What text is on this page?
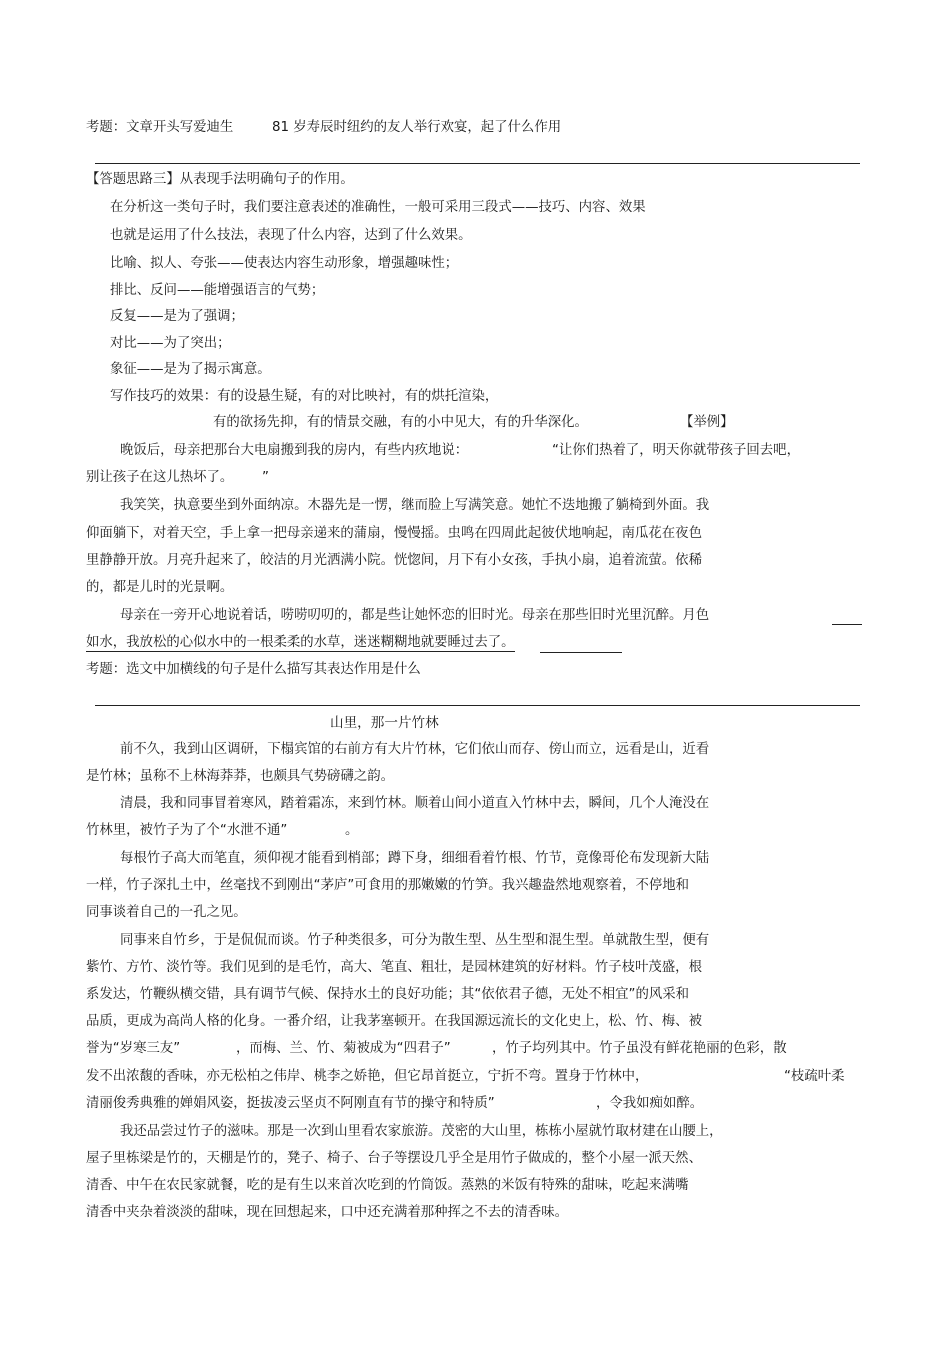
考题：文章开头写爱迪生	81 岁寿辰时纽约的友人举行欢宴，起了什么作用
【答题思路三】从表现手法明确句子的作用。
在分析这一类句子时，我们要注意表述的准确性，一般可采用三段式——技巧、内容、效果
也就是运用了什么技法，表现了什么内容，达到了什么效果。
比喻、拟人、夸张——使表达内容生动形象，增强趣味性；
排比、反问——能增强语言的气势；
反复——是为了强调；
对比——为了突出；
象征——是为了揭示寓意。
写作技巧的效果：有的设悬生疑，有的对比映衬，有的烘托渲染，
有的欲扬先抑，有的情景交融，有的小中见大，有的升华深化。	【举例】
晚饭后，母亲把那台大电扇搬到我的房内，有些内疚地说：	“让你们热着了，明天你就带孩子回去吧，
别让孩子在这儿热坏了。 ”
我笑笑，执意要坐到外面纳凉。木器先是一愣，继而脸上写满笑意。她忙不迭地搬了躺椅到外面。我
仰面躺下，对着天空，手上拿一把母亲递来的蒲扇，慢慢摇。虫鸣在四周此起彼伏地响起，南瓜花在夜色
里静静开放。月亮升起来了，皎洁的月光洒满小院。恍惚间，月下有小女孩，手执小扇，追着流萤。依稀
的，都是儿时的光景啊。
母亲在一旁开心地说着话，唠唠叨叨的，都是些让她怀恋的旧时光。母亲在那些旧时光里沉醉。月色
如水，我放松的心似水中的一根柔柔的水草，迷迷糊糊地就要睡过去了。
考题：选文中加横线的句子是什么描写其表达作用是什么
山里，那一片竹林
前不久，我到山区调研，下榻宾馆的右前方有大片竹林，它们依山而存、傍山而立，远看是山，近看
是竹林；虽称不上林海莽莽，也颇具气势磅礴之韵。
清晨，我和同事冒着寒风，踏着霜冻，来到竹林。顺着山间小道直入竹林中去，瞬间，几个人淹没在
竹林里，被竹子为了个“水泄不通”	。
每根竹子高大而笔直，须仰视才能看到梢部；蹲下身，细细看着竹根、竹节，竟像哥伦布发现新大陆
一样，竹子深扎土中，丝毫找不到刚出“茅庐”可食用的那嫩嫩的竹笋。我兴趣盎然地观察着，不停地和
同事谈着自己的一孔之见。
同事来自竹乡，于是侃侃而谈。竹子种类很多，可分为散生型、丛生型和混生型。单就散生型，便有
紫竹、方竹、淡竹等。我们见到的是毛竹，高大、笔直、粗壮，是园林建筑的好材料。竹子枝叶茂盛，根
系发达，竹鞭纵横交错，具有调节气候、保持水土的良好功能；其“依依君子德，无处不相宜”的风采和
品质，更成为高尚人格的化身。一番介绍，让我茅塞顿开。在我国源远流长的文化史上，松、竹、梅、被
誉为“岁寒三友”	，而梅、兰、竹、菊被成为“四君子”	，竹子均列其中。竹子虽没有鲜花艳丽的色彩，散
发不出浓馥的香味，亦无松柏之伟岸、桃李之娇艳，但它昂首挺立，宁折不弯。置身于竹林中，	“枝疏叶柔
清丽俊秀典雅的婵娟风姿，挺拔凌云坚贞不阿刚直有节的操守和特质”	，令我如痴如醉。
我还品尝过竹子的滋味。那是一次到山里看农家旅游。茂密的大山里，栋栋小屋就竹取材建在山腰上，
屋子里栋梁是竹的，天棚是竹的，凳子、椅子、台子等摆设几乎全是用竹子做成的，整个小屋一派天然、
清香、中午在农民家就餐，吃的是有生以来首次吃到的竹筒饭。蒸熟的米饭有特殊的甜味，吃起来满嘴
清香中夹杂着淡淡的甜味，现在回想起来，口中还充满着那种挥之不去的清香味。
